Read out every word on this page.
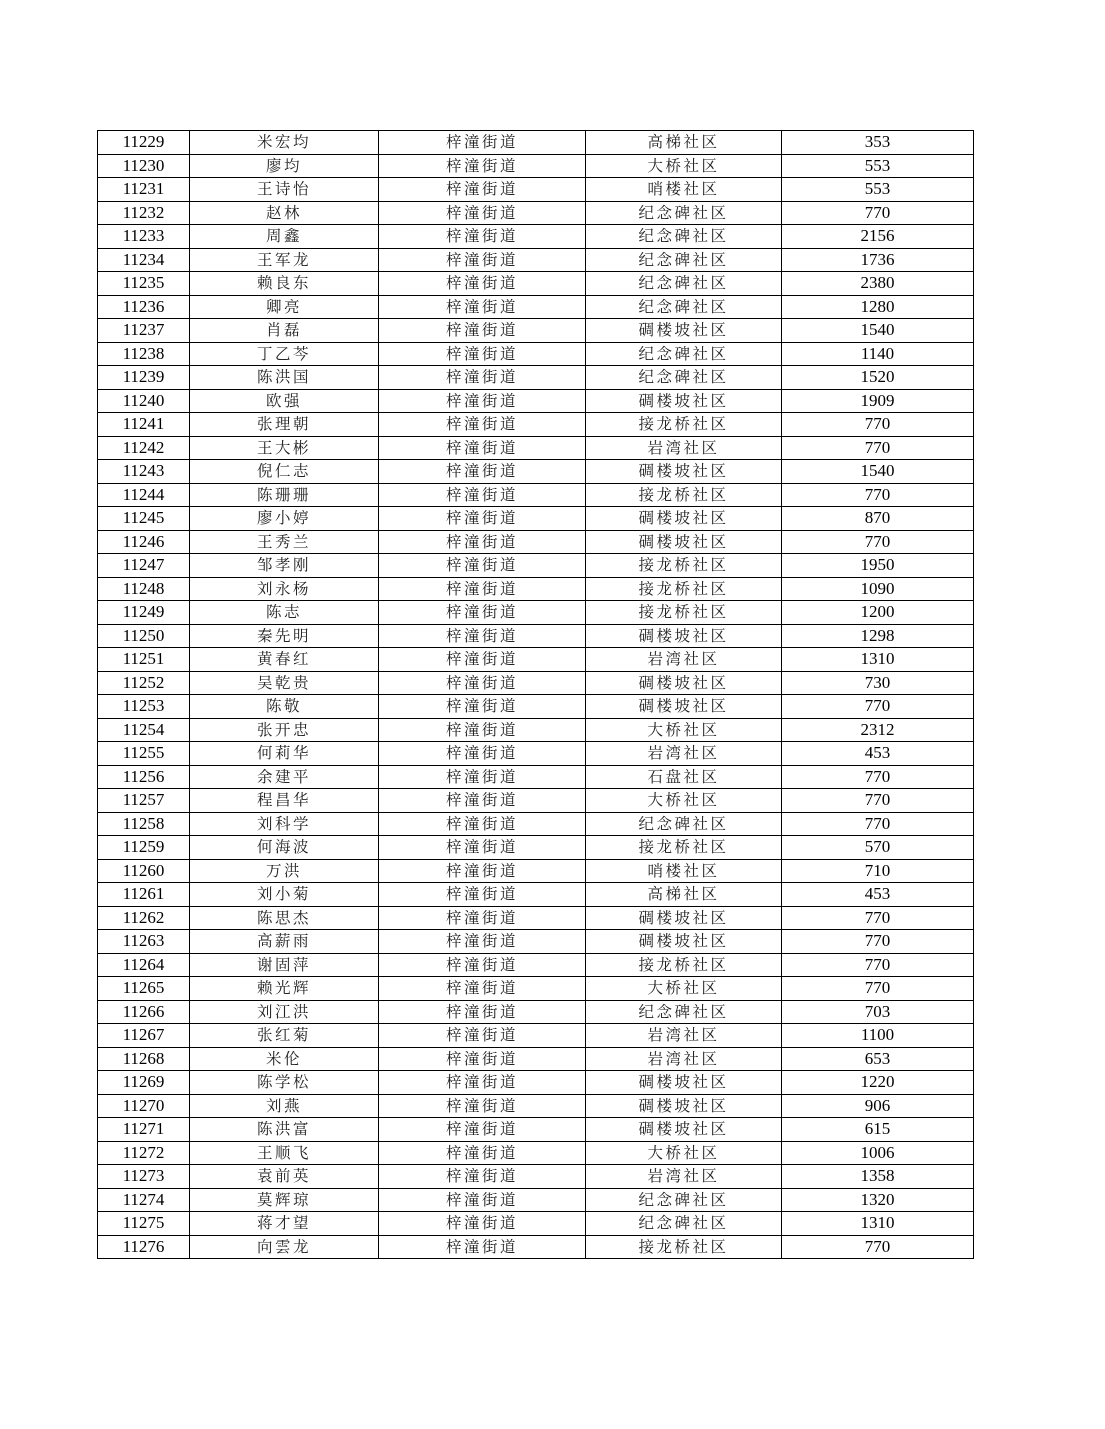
11229	米宏均	梓潼街道	高梯社区	353
11230	廖均	梓潼街道	大桥社区	553
11231	王诗怡	梓潼街道	哨楼社区	553
11232	赵林	梓潼街道	纪念碑社区	770
11233	周鑫	梓潼街道	纪念碑社区	2156
11234	王军龙	梓潼街道	纪念碑社区	1736
11235	赖良东	梓潼街道	纪念碑社区	2380
11236	卿亮	梓潼街道	纪念碑社区	1280
11237	肖磊	梓潼街道	碉楼坡社区	1540
11238	丁乙芩	梓潼街道	纪念碑社区	1140
11239	陈洪国	梓潼街道	纪念碑社区	1520
11240	欧强	梓潼街道	碉楼坡社区	1909
11241	张理朝	梓潼街道	接龙桥社区	770
11242	王大彬	梓潼街道	岩湾社区	770
11243	倪仁志	梓潼街道	碉楼坡社区	1540
11244	陈珊珊	梓潼街道	接龙桥社区	770
11245	廖小婷	梓潼街道	碉楼坡社区	870
11246	王秀兰	梓潼街道	碉楼坡社区	770
11247	邹孝刚	梓潼街道	接龙桥社区	1950
11248	刘永杨	梓潼街道	接龙桥社区	1090
11249	陈志	梓潼街道	接龙桥社区	1200
11250	秦先明	梓潼街道	碉楼坡社区	1298
11251	黄春红	梓潼街道	岩湾社区	1310
11252	吴乾贵	梓潼街道	碉楼坡社区	730
11253	陈敬	梓潼街道	碉楼坡社区	770
11254	张开忠	梓潼街道	大桥社区	2312
11255	何莉华	梓潼街道	岩湾社区	453
11256	余建平	梓潼街道	石盘社区	770
11257	程昌华	梓潼街道	大桥社区	770
11258	刘科学	梓潼街道	纪念碑社区	770
11259	何海波	梓潼街道	接龙桥社区	570
11260	万洪	梓潼街道	哨楼社区	710
11261	刘小菊	梓潼街道	高梯社区	453
11262	陈思杰	梓潼街道	碉楼坡社区	770
11263	高薪雨	梓潼街道	碉楼坡社区	770
11264	谢固萍	梓潼街道	接龙桥社区	770
11265	赖光辉	梓潼街道	大桥社区	770
11266	刘江洪	梓潼街道	纪念碑社区	703
11267	张红菊	梓潼街道	岩湾社区	1100
11268	米伦	梓潼街道	岩湾社区	653
11269	陈学松	梓潼街道	碉楼坡社区	1220
11270	刘燕	梓潼街道	碉楼坡社区	906
11271	陈洪富	梓潼街道	碉楼坡社区	615
11272	王顺飞	梓潼街道	大桥社区	1006
11273	袁前英	梓潼街道	岩湾社区	1358
11274	莫辉琼	梓潼街道	纪念碑社区	1320
11275	蒋才望	梓潼街道	纪念碑社区	1310
11276	向雲龙	梓潼街道	接龙桥社区	770
